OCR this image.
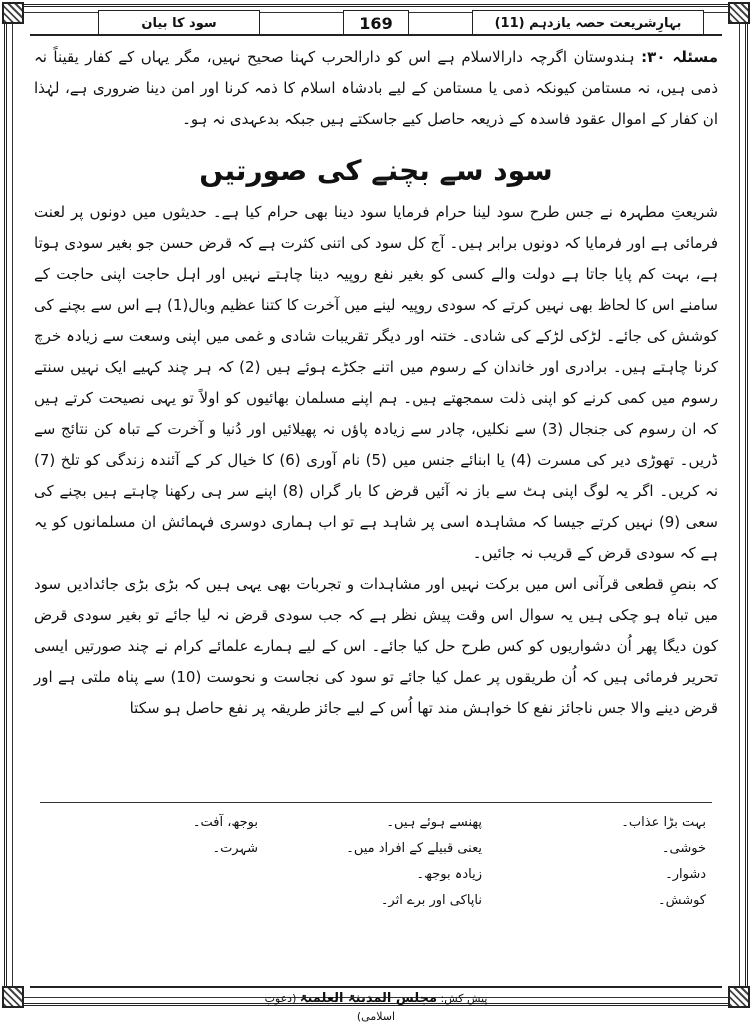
بہارِشریعت حصہ یازدہم (11)
169
سود کا بیان

مسئلہ ۳۰: ہندوستان اگرچہ دارالاسلام ہے اس کو دارالحرب کہنا صحیح نہیں، مگر یہاں کے کفار یقیناً نہ ذمی ہیں، نہ مستامن کیونکہ ذمی یا مستامن کے لیے بادشاہ اسلام کا ذمہ کرنا اور امن دینا ضروری ہے، لہٰذا ان کفار کے اموال عقود فاسدہ کے ذریعہ حاصل کیے جاسکتے ہیں جبکہ بدعہدی نہ ہو۔

سود سے بچنے کی صورتیں

شریعتِ مطہرہ نے جس طرح سود لینا حرام فرمایا سود دینا بھی حرام کیا ہے۔ حدیثوں میں دونوں پر لعنت فرمائی ہے اور فرمایا کہ دونوں برابر ہیں۔ آج کل سود کی اتنی کثرت ہے کہ قرض حسن جو بغیر سودی ہوتا ہے، بہت کم پایا جاتا ہے دولت والے کسی کو بغیر نفع روپیہ دینا چاہتے نہیں اور اہل حاجت اپنی حاجت کے سامنے اس کا لحاظ بھی نہیں کرتے کہ سودی روپیہ لینے میں آخرت کا کتنا عظیم وبال(1) ہے اس سے بچنے کی کوشش کی جائے۔ لڑکی لڑکے کی شادی۔ ختنہ اور دیگر تقریبات شادی و غمی میں اپنی وسعت سے زیادہ خرچ کرنا چاہتے ہیں۔ برادری اور خاندان کے رسوم میں اتنے جکڑے ہوئے ہیں (2) کہ ہر چند کہیے ایک نہیں سنتے رسوم میں کمی کرنے کو اپنی ذلت سمجھتے ہیں۔ ہم اپنے مسلمان بھائیوں کو اولاً تو یہی نصیحت کرتے ہیں کہ ان رسوم کی جنجال (3) سے نکلیں، چادر سے زیادہ پاؤں نہ پھیلائیں اور دُنیا و آخرت کے تباہ کن نتائج سے ڈریں۔ تھوڑی دیر کی مسرت (4) یا ابنائے جنس میں (5) نام آوری (6) کا خیال کر کے آئندہ زندگی کو تلخ (7) نہ کریں۔ اگر یہ لوگ اپنی ہٹ سے باز نہ آئیں قرض کا بار گراں (8) اپنے سر ہی رکھنا چاہتے ہیں بچنے کی سعی (9) نہیں کرتے جیسا کہ مشاہدہ اسی پر شاہد ہے تو اب ہماری دوسری فہمائش ان مسلمانوں کو یہ ہے کہ سودی قرض کے قریب نہ جائیں۔

کہ بنصِ قطعی قرآنی اس میں برکت نہیں اور مشاہدات و تجربات بھی یہی ہیں کہ بڑی بڑی جائدادیں سود میں تباہ ہو چکی ہیں یہ سوال اس وقت پیش نظر ہے کہ جب سودی قرض نہ لیا جائے تو بغیر سودی قرض کون دیگا پھر اُن دشواریوں کو کس طرح حل کیا جائے۔ اس کے لیے ہمارے علمائے کرام نے چند صورتیں ایسی تحریر فرمائی ہیں کہ اُن طریقوں پر عمل کیا جائے تو سود کی نجاست و نحوست (10) سے پناہ ملتی ہے اور قرض دینے والا جس ناجائز نفع کا خواہش مند تھا اُس کے لیے جائز طریقہ پر نفع حاصل ہو سکتا

بہت بڑا عذاب۔
پھنسے ہوئے ہیں۔
بوجھ، آفت۔
خوشی۔
یعنی قبیلے کے افراد میں۔
شہرت۔
دشوار۔
زیادہ بوجھ۔
کوشش۔
ناپاکی اور برے اثر۔
پیش کش: مجلس المدینۃ العلمیۃ (دعوتِ اسلامی)
